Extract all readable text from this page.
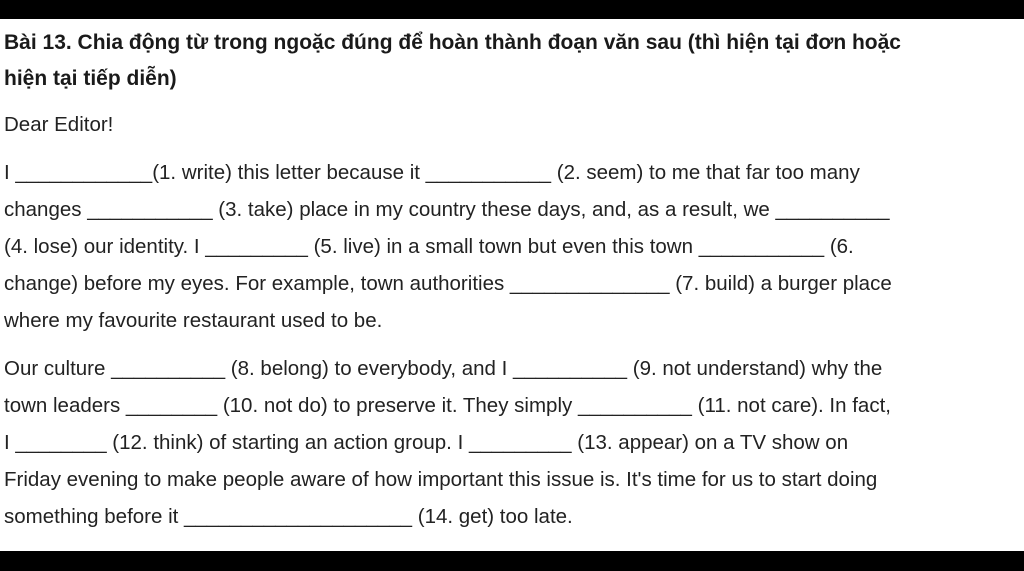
Bài 13. Chia động từ trong ngoặc đúng để hoàn thành đoạn văn sau (thì hiện tại đơn hoặc
hiện tại tiếp diễn)
Dear Editor!
I ____________(1. write) this letter because it ___________ (2. seem) to me that far too many
changes ___________ (3. take) place in my country these days, and, as a result, we __________
(4. lose) our identity. I _________ (5. live) in a small town but even this town ___________ (6.
change) before my eyes. For example, town authorities ______________ (7. build) a burger place
where my favourite restaurant used to be.
Our culture __________ (8. belong) to everybody, and I __________ (9. not understand) why the
town leaders ________ (10. not do) to preserve it. They simply __________ (11. not care). In fact,
I ________ (12. think) of starting an action group. I _________ (13. appear) on a TV show on
Friday evening to make people aware of how important this issue is. It's time for us to start doing
something before it ____________________ (14. get) too late.
